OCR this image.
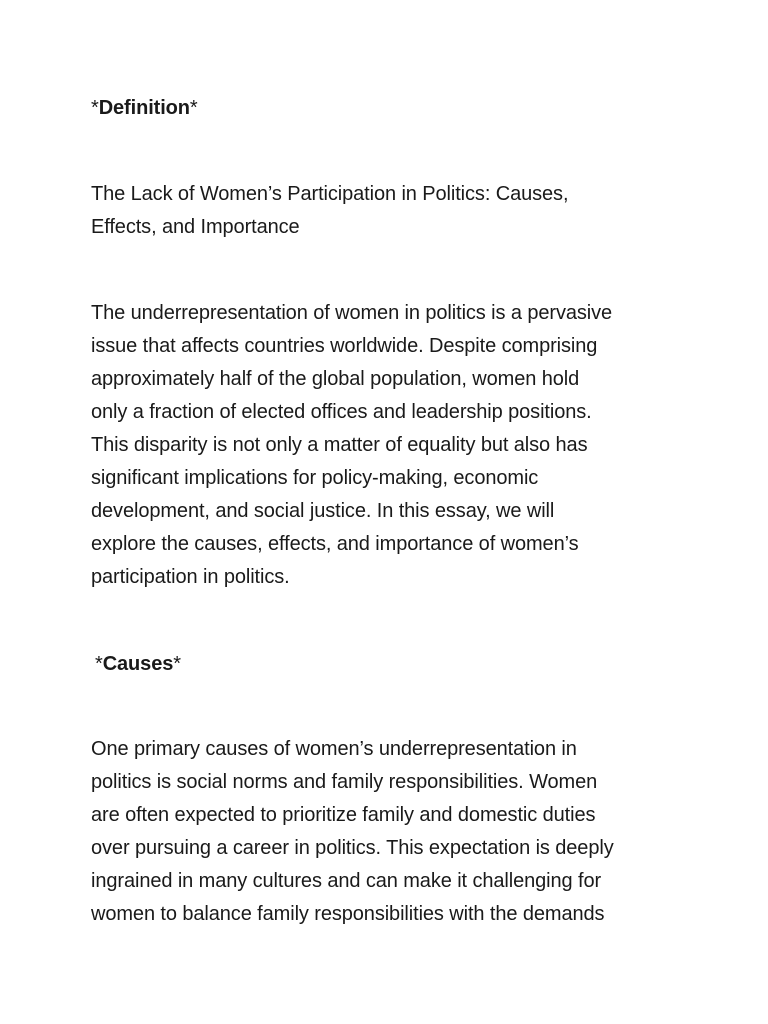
*Definition*
The Lack of Women’s Participation in Politics: Causes,
Effects, and Importance
The underrepresentation of women in politics is a pervasive
issue that affects countries worldwide. Despite comprising
approximately half of the global population, women hold
only a fraction of elected offices and leadership positions.
This disparity is not only a matter of equality but also has
significant implications for policy-making, economic
development, and social justice. In this essay, we will
explore the causes, effects, and importance of women’s
participation in politics.
*Causes*
One primary causes of women’s underrepresentation in
politics is social norms and family responsibilities. Women
are often expected to prioritize family and domestic duties
over pursuing a career in politics. This expectation is deeply
ingrained in many cultures and can make it challenging for
women to balance family responsibilities with the demands
